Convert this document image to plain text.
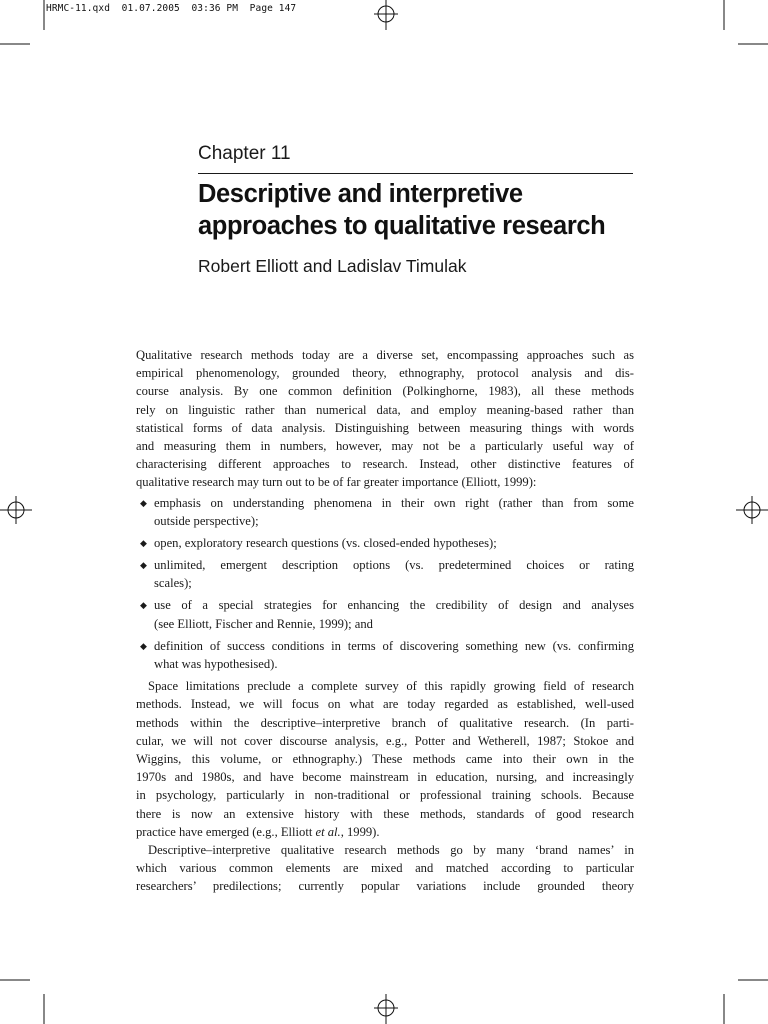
HRMC-11.qxd  01.07.2005  03:36 PM  Page 147
Chapter 11
Descriptive and interpretive
approaches to qualitative research
Robert Elliott and Ladislav Timulak

Qualitative research methods today are a diverse set, encompassing approaches such as
empirical phenomenology, grounded theory, ethnography, protocol analysis and dis-
course analysis. By one common definition (Polkinghorne, 1983), all these methods
rely on linguistic rather than numerical data, and employ meaning-based rather than
statistical forms of data analysis. Distinguishing between measuring things with words
and measuring them in numbers, however, may not be a particularly useful way of
characterising different approaches to research. Instead, other distinctive features of
qualitative research may turn out to be of far greater importance (Elliott, 1999):

◆ emphasis on understanding phenomena in their own right (rather than from some
outside perspective);
◆ open, exploratory research questions (vs. closed-ended hypotheses);
◆ unlimited, emergent description options (vs. predetermined choices or rating
scales);
◆ use of a special strategies for enhancing the credibility of design and analyses
(see Elliott, Fischer and Rennie, 1999); and
◆ definition of success conditions in terms of discovering something new (vs. confirming
what was hypothesised).

Space limitations preclude a complete survey of this rapidly growing field of research
methods. Instead, we will focus on what are today regarded as established, well-used
methods within the descriptive–interpretive branch of qualitative research. (In parti-
cular, we will not cover discourse analysis, e.g., Potter and Wetherell, 1987; Stokoe and
Wiggins, this volume, or ethnography.) These methods came into their own in the
1970s and 1980s, and have become mainstream in education, nursing, and increasingly
in psychology, particularly in non-traditional or professional training schools. Because
there is now an extensive history with these methods, standards of good research
practice have emerged (e.g., Elliott et al., 1999).

Descriptive–interpretive qualitative research methods go by many ‘brand names’ in
which various common elements are mixed and matched according to particular
researchers’ predilections; currently popular variations include grounded theory
